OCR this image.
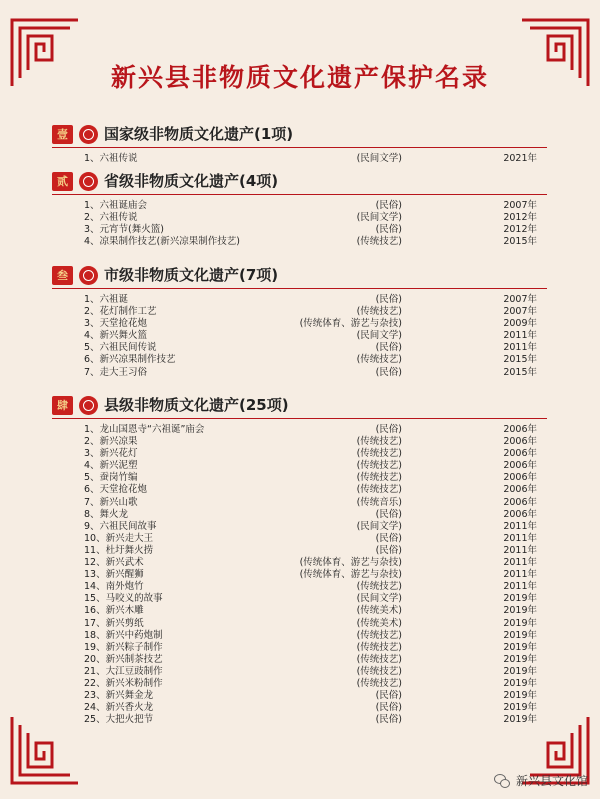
新兴县非物质文化遗产保护名录
壹	国家级非物质文化遗产(1项)
1、六祖传说	(民间文学)	2021年
贰	省级非物质文化遗产(4项)
1、六祖诞庙会	(民俗)	2007年
2、六祖传说	(民间文学)	2012年
3、元宵节(舞火篮)	(民俗)	2012年
4、凉果制作技艺(新兴凉果制作技艺)	(传统技艺)	2015年
叁	市级非物质文化遗产(7项)
1、六祖诞	(民俗)	2007年
2、花灯制作工艺	(传统技艺)	2007年
3、天堂抢花炮	(传统体育、游艺与杂技)	2009年
4、新兴舞火篮	(民间文学)	2011年
5、六祖民间传说	(民俗)	2011年
6、新兴凉果制作技艺	(传统技艺)	2015年
7、走大王习俗	(民俗)	2015年
肆	县级非物质文化遗产(25项)
1、龙山国恩寺“六祖诞”庙会	(民俗)	2006年
2、新兴凉果	(传统技艺)	2006年
3、新兴花灯	(传统技艺)	2006年
4、新兴泥塑	(传统技艺)	2006年
5、蚕岗竹编	(传统技艺)	2006年
6、天堂抢花炮	(传统技艺)	2006年
7、新兴山歌	(传统音乐)	2006年
8、舞火龙	(民俗)	2006年
9、六祖民间故事	(民间文学)	2011年
10、新兴走大王	(民俗)	2011年
11、杜圩舞火捞	(民俗)	2011年
12、新兴武术	(传统体育、游艺与杂技)	2011年
13、新兴醒狮	(传统体育、游艺与杂技)	2011年
14、南外炮竹	(传统技艺)	2011年
15、马咬义的故事	(民间文学)	2019年
16、新兴木雕	(传统美术)	2019年
17、新兴剪纸	(传统美术)	2019年
18、新兴中药炮制	(传统技艺)	2019年
19、新兴粽子制作	(传统技艺)	2019年
20、新兴制茶技艺	(传统技艺)	2019年
21、大江豆豉制作	(传统技艺)	2019年
22、新兴米粉制作	(传统技艺)	2019年
23、新兴舞金龙	(民俗)	2019年
24、新兴香火龙	(民俗)	2019年
25、大把火把节	(民俗)	2019年
新兴县文化馆
